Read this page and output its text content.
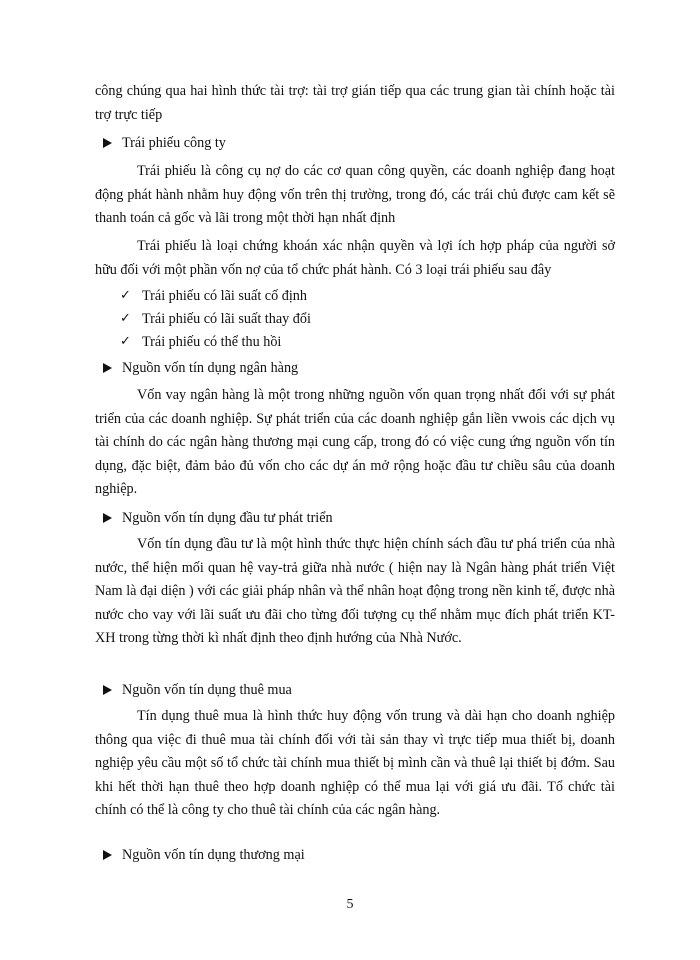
công chúng qua hai hình thức tài trợ: tài trợ gián tiếp qua các trung gian tài chính hoặc tài trợ trực tiếp

Trái phiếu công ty

Trái phiếu là công cụ nợ do các cơ quan công quyền, các doanh nghiệp đang hoạt động phát hành nhằm huy động vốn trên thị trường, trong đó, các trái chủ được cam kết sẽ thanh toán cả gốc và lãi trong một thời hạn nhất định

Trái phiếu là loại chứng khoán xác nhận quyền và lợi ích hợp pháp của người sở hữu đối với một phần vốn nợ của tổ chức phát hành. Có 3 loại trái phiếu sau đây

✓ Trái phiếu có lãi suất cố định
✓ Trái phiếu có lãi suất thay đổi
✓ Trái phiếu có thể thu hồi
Nguồn vốn tín dụng ngân hàng

Vốn vay ngân hàng là một trong những nguồn vốn quan trọng nhất đối với sự phát triển của các doanh nghiệp. Sự phát triển của các doanh nghiệp gắn liền vwois các dịch vụ tài chính do các ngân hàng thương mại cung cấp, trong đó có việc cung ứng nguồn vốn tín dụng, đặc biệt, đảm bảo đủ vốn cho các dự án mở rộng hoặc đầu tư chiều sâu của doanh nghiệp.

Nguồn vốn tín dụng đầu tư phát triển

Vốn tín dụng đầu tư là một hình thức thực hiện chính sách đầu tư phá triển của nhà nước, thể hiện mối quan hệ vay-trả giữa nhà nước ( hiện nay là Ngân hàng phát triển Việt Nam là đại diện ) với các giải pháp nhân và thể nhân hoạt động trong nền kinh tế, được nhà nước cho vay với lãi suất ưu đãi cho từng đối tượng cụ thể nhằm mục đích phát triển KT-XH trong từng thời kì nhất định theo định hướng của Nhà Nước.

Nguồn vốn tín dụng thuê mua

Tín dụng thuê mua là hình thức huy động vốn trung và dài hạn cho doanh nghiệp thông qua việc đi thuê mua tài chính đối với tài sản thay vì trực tiếp mua thiết bị, doanh nghiệp yêu cầu một số tổ chức tài chính mua thiết bị mình cần và thuê lại thiết bị đớm. Sau khi hết thời hạn thuê theo hợp doanh nghiệp có thể mua lại với giá ưu đãi. Tổ chức tài chính có thể là công ty cho thuê tài chính của các ngân hàng.

Nguồn vốn tín dụng thương mại
5
